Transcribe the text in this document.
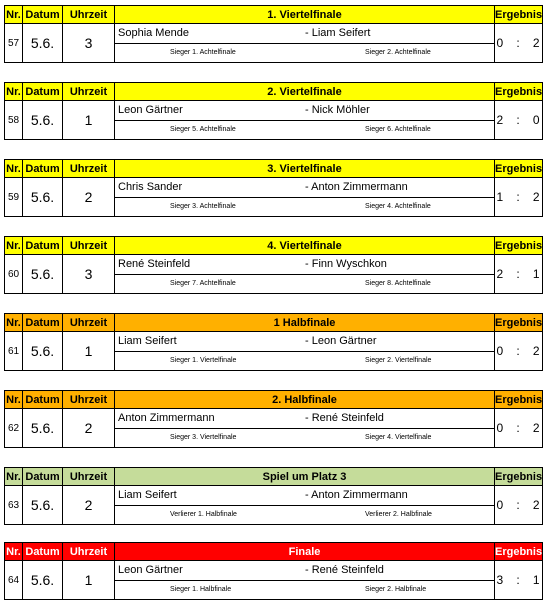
Nr.	Datum	Uhrzeit	1. Viertelfinale	Ergebnis
57	5.6.	3	Sophia Mende - Liam Seifert	0 : 2

			Sieger 1. Achtelfinale Sieger 2. Achtelfinale	
Nr.	Datum	Uhrzeit	2. Viertelfinale	Ergebnis
58	5.6.	1	Leon Gärtner - Nick Möhler	2 : 0

			Sieger 5. Achtelfinale Sieger 6. Achtelfinale	
Nr.	Datum	Uhrzeit	3. Viertelfinale	Ergebnis
59	5.6.	2	Chris Sander - Anton Zimmermann	1 : 2

			Sieger 3. Achtelfinale Sieger 4. Achtelfinale	
Nr.	Datum	Uhrzeit	4. Viertelfinale	Ergebnis
60	5.6.	3	René Steinfeld - Finn Wyschkon	2 : 1

			Sieger 7. Achtelfinale Sieger 8. Achtelfinale	
Nr.	Datum	Uhrzeit	1 Halbfinale	Ergebnis
61	5.6.	1	Liam Seifert - Leon Gärtner	0 : 2

			Sieger 1. Viertelfinale Sieger 2. Viertelfinale	
Nr.	Datum	Uhrzeit	2. Halbfinale	Ergebnis
62	5.6.	2	Anton Zimmermann - René Steinfeld	0 : 2

			Sieger 3. Viertelfinale Sieger 4. Viertelfinale	
Nr.	Datum	Uhrzeit	Spiel um Platz 3	Ergebnis
63	5.6.	2	Liam Seifert - Anton Zimmermann	0 : 2

			Verlierer 1. Halbfinale Verlierer 2. Halbfinale	
Nr.	Datum	Uhrzeit	Finale	Ergebnis
64	5.6.	1	Leon Gärtner - René Steinfeld	3 : 1

			Sieger 1. Halbfinale Sieger 2. Halbfinale	
